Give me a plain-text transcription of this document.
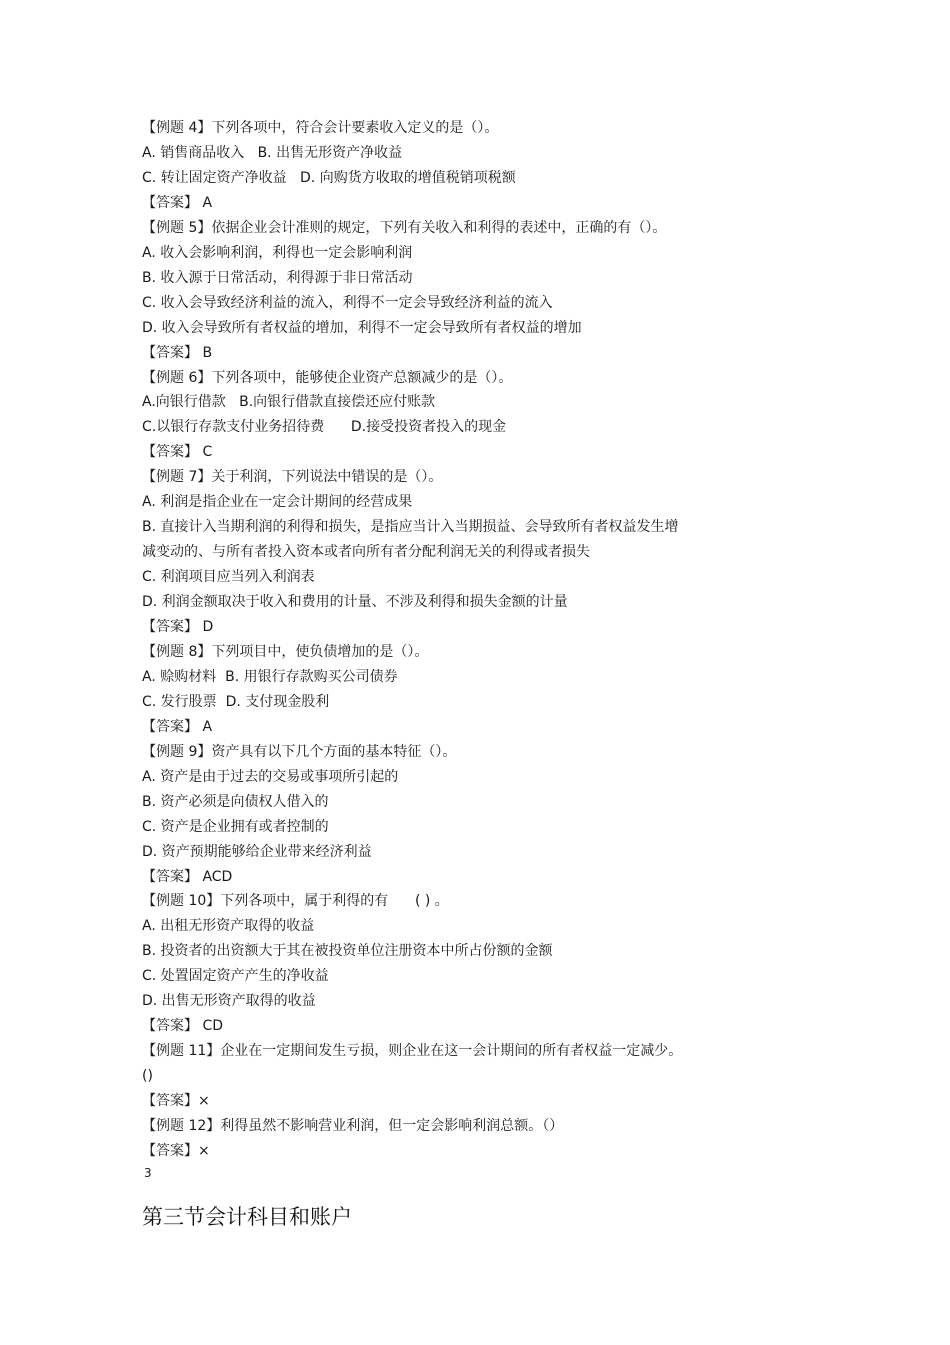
【例题 4】下列各项中，符合会计要素收入定义的是（）。
A. 销售商品收入   B. 出售无形资产净收益
C. 转让固定资产净收益   D. 向购货方收取的增值税销项税额
【答案】 A
【例题 5】依据企业会计准则的规定，下列有关收入和利得的表述中，正确的有（）。
A. 收入会影响利润，利得也一定会影响利润
B. 收入源于日常活动，利得源于非日常活动
C. 收入会导致经济利益的流入，利得不一定会导致经济利益的流入
D. 收入会导致所有者权益的增加，利得不一定会导致所有者权益的增加
【答案】 B
【例题 6】下列各项中，能够使企业资产总额减少的是（）。
A.向银行借款   B.向银行借款直接偿还应付账款
C.以银行存款支付业务招待费      D.接受投资者投入的现金
【答案】 C
【例题 7】关于利润，下列说法中错误的是（）。
A. 利润是指企业在一定会计期间的经营成果
B. 直接计入当期利润的利得和损失，是指应当计入当期损益、会导致所有者权益发生增
减变动的、与所有者投入资本或者向所有者分配利润无关的利得或者损失
C. 利润项目应当列入利润表
D. 利润金额取决于收入和费用的计量、不涉及利得和损失金额的计量
【答案】 D
【例题 8】下列项目中，使负债增加的是（）。
A. 赊购材料  B. 用银行存款购买公司债券
C. 发行股票  D. 支付现金股利
【答案】 A
【例题 9】资产具有以下几个方面的基本特征（）。
A. 资产是由于过去的交易或事项所引起的
B. 资产必须是向债权人借入的
C. 资产是企业拥有或者控制的
D. 资产预期能够给企业带来经济利益
【答案】 ACD
【例题 10】下列各项中，属于利得的有      ( ) 。
A. 出租无形资产取得的收益
B. 投资者的出资额大于其在被投资单位注册资本中所占份额的金额
C. 处置固定资产产生的净收益
D. 出售无形资产取得的收益
【答案】 CD
【例题 11】企业在一定期间发生亏损，则企业在这一会计期间的所有者权益一定减少。
()
【答案】×
【例题 12】利得虽然不影响营业利润，但一定会影响利润总额。（）
【答案】×
3
第三节会计科目和账户
